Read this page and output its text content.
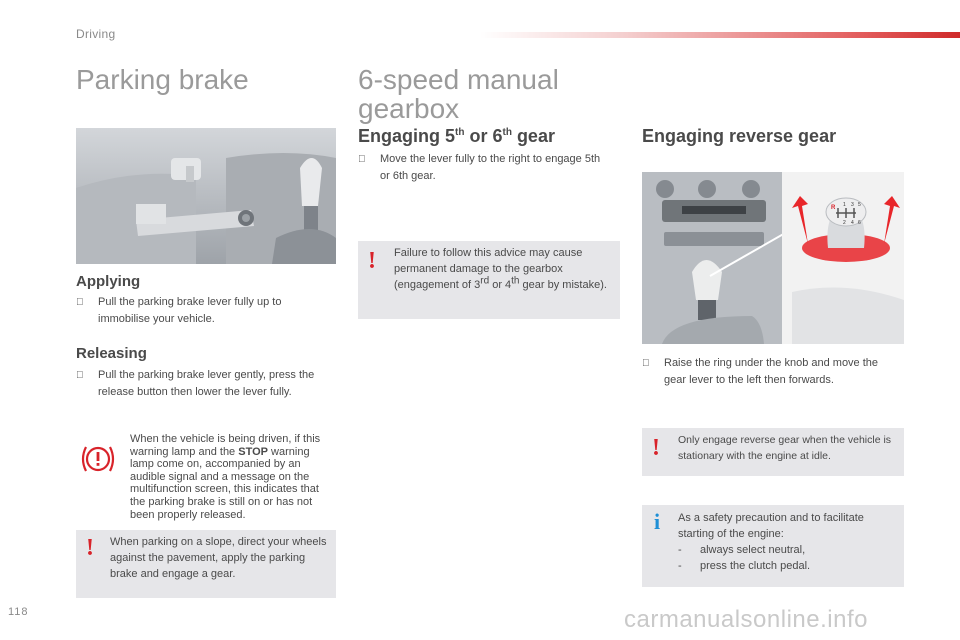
Driving
Parking brake
Applying
Pull the parking brake lever fully up to immobilise your vehicle.
Releasing
Pull the parking brake lever gently, press the release button then lower the lever fully.
When the vehicle is being driven, if this warning lamp and the STOP warning lamp come on, accompanied by an audible signal and a message on the multifunction screen, this indicates that the parking brake is still on or has not been properly released.
! When parking on a slope, direct your wheels against the pavement, apply the parking brake and engage a gear.
6-speed manual
gearbox
Engaging 5th or 6th gear
Move the lever fully to the right to engage 5th or 6th gear.
! Failure to follow this advice may cause permanent damage to the gearbox (engagement of 3rd or 4th gear by mistake).
Engaging reverse gear
R 1 3 5
2 4 6
Raise the ring under the knob and move the gear lever to the left then forwards.
! Only engage reverse gear when the vehicle is stationary with the engine at idle.
i As a safety precaution and to facilitate starting of the engine:
- always select neutral,
- press the clutch pedal.
118	carmanualsonline.info
